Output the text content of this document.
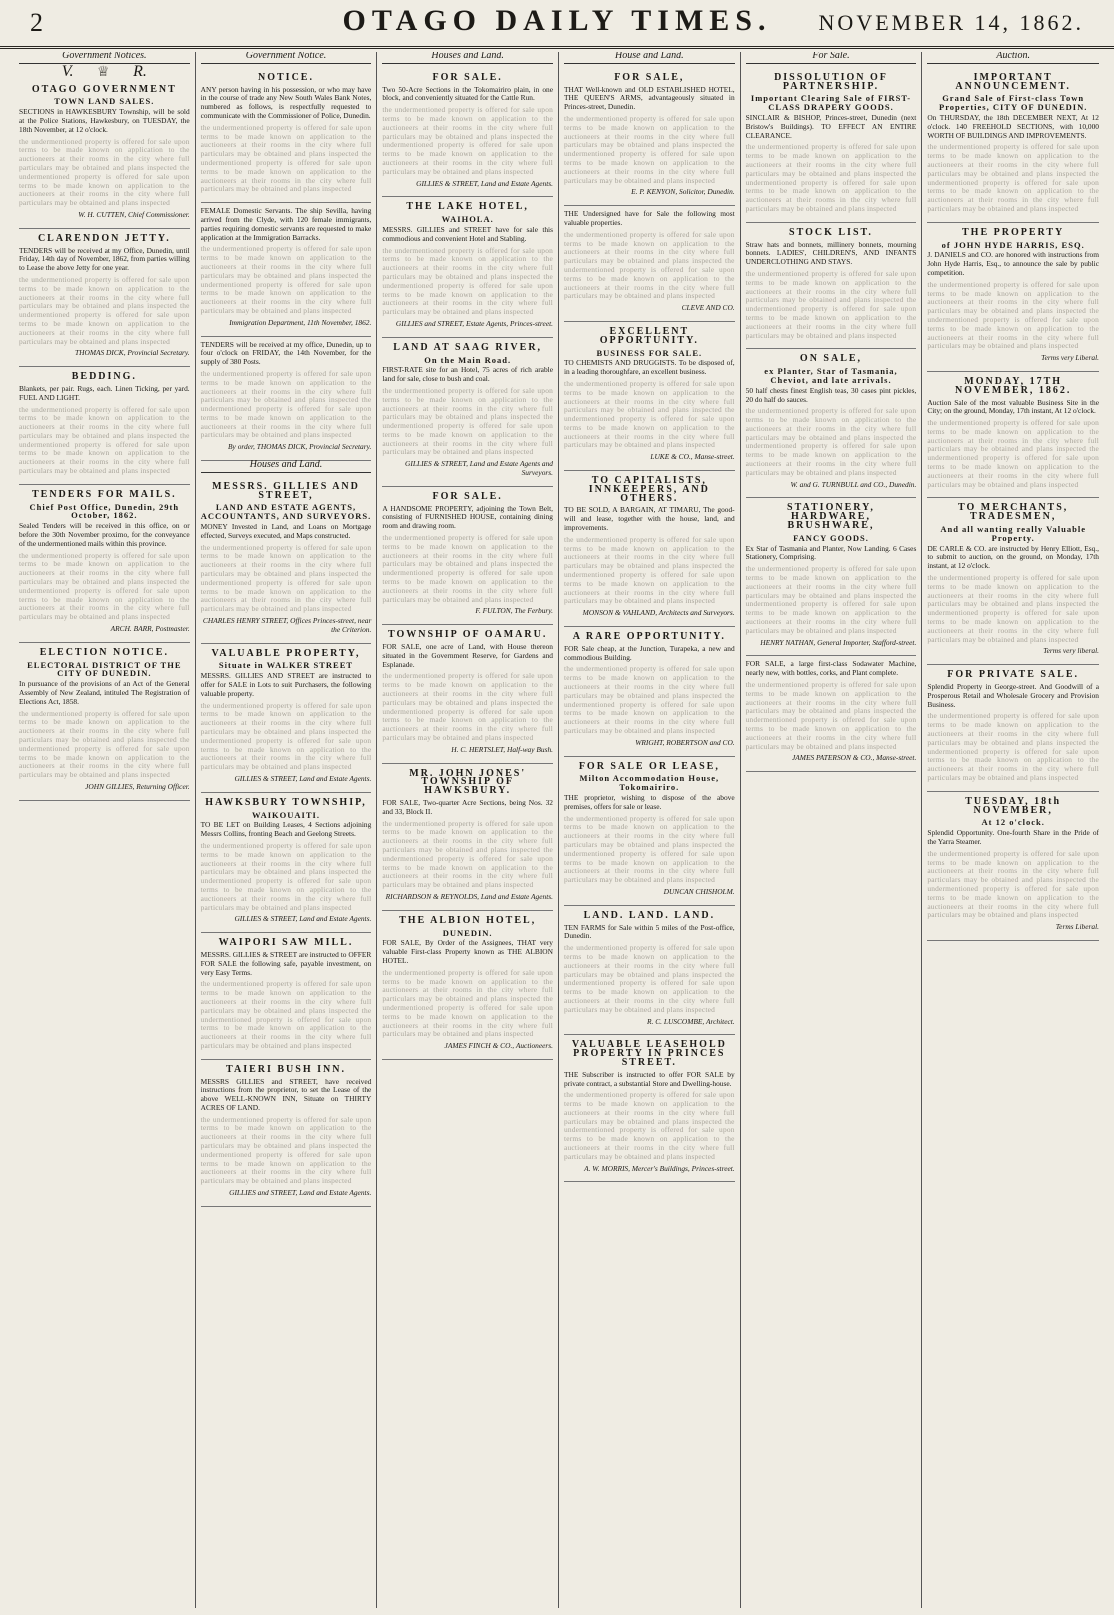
2	OTAGO DAILY TIMES.	NOVEMBER 14, 1862.
Government Notices.
V. ♕ R.
OTAGO GOVERNMENT
TOWN LAND SALES.

SECTIONS in HAWKESBURY Township, will be sold at the Police Stations, Hawkesbury, on TUESDAY, the 18th November, at 12 o'clock.

the undermentioned property is offered for sale upon terms to be made known on application to the auctioneers at their rooms in the city where full particulars may be obtained and plans inspected the undermentioned property is offered for sale upon terms to be made known on application to the auctioneers at their rooms in the city where full particulars may be obtained and plans inspected

W. H. CUTTEN, Chief Commissioner.

CLARENDON JETTY.

TENDERS will be received at my Office, Dunedin, until Friday, 14th day of November, 1862, from parties willing to Lease the above Jetty for one year.

the undermentioned property is offered for sale upon terms to be made known on application to the auctioneers at their rooms in the city where full particulars may be obtained and plans inspected the undermentioned property is offered for sale upon terms to be made known on application to the auctioneers at their rooms in the city where full particulars may be obtained and plans inspected

THOMAS DICK, Provincial Secretary.

BEDDING.

Blankets, per pair. Rugs, each. Linen Ticking, per yard. FUEL AND LIGHT.

the undermentioned property is offered for sale upon terms to be made known on application to the auctioneers at their rooms in the city where full particulars may be obtained and plans inspected the undermentioned property is offered for sale upon terms to be made known on application to the auctioneers at their rooms in the city where full particulars may be obtained and plans inspected

TENDERS FOR MAILS.
Chief Post Office, Dunedin, 29th October, 1862.

Sealed Tenders will be received in this office, on or before the 30th November proximo, for the conveyance of the undermentioned mails within this province.

the undermentioned property is offered for sale upon terms to be made known on application to the auctioneers at their rooms in the city where full particulars may be obtained and plans inspected the undermentioned property is offered for sale upon terms to be made known on application to the auctioneers at their rooms in the city where full particulars may be obtained and plans inspected

ARCH. BARR, Postmaster.

ELECTION NOTICE.
ELECTORAL DISTRICT OF THE CITY OF DUNEDIN.

In pursuance of the provisions of an Act of the General Assembly of New Zealand, intituled The Registration of Elections Act, 1858.

the undermentioned property is offered for sale upon terms to be made known on application to the auctioneers at their rooms in the city where full particulars may be obtained and plans inspected the undermentioned property is offered for sale upon terms to be made known on application to the auctioneers at their rooms in the city where full particulars may be obtained and plans inspected

JOHN GILLIES, Returning Officer.

Government Notice.
NOTICE.

ANY person having in his possession, or who may have in the course of trade any New South Wales Bank Notes, numbered as follows, is respectfully requested to communicate with the Commissioner of Police, Dunedin.

the undermentioned property is offered for sale upon terms to be made known on application to the auctioneers at their rooms in the city where full particulars may be obtained and plans inspected the undermentioned property is offered for sale upon terms to be made known on application to the auctioneers at their rooms in the city where full particulars may be obtained and plans inspected

FEMALE Domestic Servants. The ship Sevilla, having arrived from the Clyde, with 120 female immigrants, parties requiring domestic servants are requested to make application at the Immigration Barracks.

the undermentioned property is offered for sale upon terms to be made known on application to the auctioneers at their rooms in the city where full particulars may be obtained and plans inspected the undermentioned property is offered for sale upon terms to be made known on application to the auctioneers at their rooms in the city where full particulars may be obtained and plans inspected

Immigration Department, 11th November, 1862.

TENDERS will be received at my office, Dunedin, up to four o'clock on FRIDAY, the 14th November, for the supply of 380 Posts.

the undermentioned property is offered for sale upon terms to be made known on application to the auctioneers at their rooms in the city where full particulars may be obtained and plans inspected the undermentioned property is offered for sale upon terms to be made known on application to the auctioneers at their rooms in the city where full particulars may be obtained and plans inspected

By order, THOMAS DICK, Provincial Secretary.

Houses and Land.
MESSRS. GILLIES AND STREET,
LAND AND ESTATE AGENTS, ACCOUNTANTS, AND SURVEYORS.

MONEY Invested in Land, and Loans on Mortgage effected, Surveys executed, and Maps constructed.

the undermentioned property is offered for sale upon terms to be made known on application to the auctioneers at their rooms in the city where full particulars may be obtained and plans inspected the undermentioned property is offered for sale upon terms to be made known on application to the auctioneers at their rooms in the city where full particulars may be obtained and plans inspected

CHARLES HENRY STREET, Offices Princes-street, near the Criterion.

VALUABLE PROPERTY,
Situate in WALKER STREET

MESSRS. GILLIES AND STREET are instructed to offer for SALE in Lots to suit Purchasers, the following valuable property.

the undermentioned property is offered for sale upon terms to be made known on application to the auctioneers at their rooms in the city where full particulars may be obtained and plans inspected the undermentioned property is offered for sale upon terms to be made known on application to the auctioneers at their rooms in the city where full particulars may be obtained and plans inspected

GILLIES & STREET, Land and Estate Agents.

HAWKSBURY TOWNSHIP,
WAIKOUAITI.

TO BE LET on Building Leases, 4 Sections adjoining Messrs Collins, fronting Beach and Geelong Streets.

the undermentioned property is offered for sale upon terms to be made known on application to the auctioneers at their rooms in the city where full particulars may be obtained and plans inspected the undermentioned property is offered for sale upon terms to be made known on application to the auctioneers at their rooms in the city where full particulars may be obtained and plans inspected

GILLIES & STREET, Land and Estate Agents.

WAIPORI SAW MILL.

MESSRS. GILLIES & STREET are instructed to OFFER FOR SALE the following safe, payable investment, on very Easy Terms.

the undermentioned property is offered for sale upon terms to be made known on application to the auctioneers at their rooms in the city where full particulars may be obtained and plans inspected the undermentioned property is offered for sale upon terms to be made known on application to the auctioneers at their rooms in the city where full particulars may be obtained and plans inspected

TAIERI BUSH INN.

MESSRS GILLIES and STREET, have received instructions from the proprietor, to set the Lease of the above WELL-KNOWN INN, Situate on THIRTY ACRES OF LAND.

the undermentioned property is offered for sale upon terms to be made known on application to the auctioneers at their rooms in the city where full particulars may be obtained and plans inspected the undermentioned property is offered for sale upon terms to be made known on application to the auctioneers at their rooms in the city where full particulars may be obtained and plans inspected

GILLIES and STREET, Land and Estate Agents.

Houses and Land.
FOR SALE.

Two 50-Acre Sections in the Tokomairiro plain, in one block, and conveniently situated for the Cattle Run.

the undermentioned property is offered for sale upon terms to be made known on application to the auctioneers at their rooms in the city where full particulars may be obtained and plans inspected the undermentioned property is offered for sale upon terms to be made known on application to the auctioneers at their rooms in the city where full particulars may be obtained and plans inspected

GILLIES & STREET, Land and Estate Agents.

THE LAKE HOTEL,
WAIHOLA.

MESSRS. GILLIES and STREET have for sale this commodious and convenient Hotel and Stabling.

the undermentioned property is offered for sale upon terms to be made known on application to the auctioneers at their rooms in the city where full particulars may be obtained and plans inspected the undermentioned property is offered for sale upon terms to be made known on application to the auctioneers at their rooms in the city where full particulars may be obtained and plans inspected

GILLIES and STREET, Estate Agents, Princes-street.

LAND AT SAAG RIVER,
On the Main Road.

FIRST-RATE site for an Hotel, 75 acres of rich arable land for sale, close to bush and coal.

the undermentioned property is offered for sale upon terms to be made known on application to the auctioneers at their rooms in the city where full particulars may be obtained and plans inspected the undermentioned property is offered for sale upon terms to be made known on application to the auctioneers at their rooms in the city where full particulars may be obtained and plans inspected

GILLIES & STREET, Land and Estate Agents and Surveyors.

FOR SALE.

A HANDSOME PROPERTY, adjoining the Town Belt, consisting of FURNISHED HOUSE, containing dining room and drawing room.

the undermentioned property is offered for sale upon terms to be made known on application to the auctioneers at their rooms in the city where full particulars may be obtained and plans inspected the undermentioned property is offered for sale upon terms to be made known on application to the auctioneers at their rooms in the city where full particulars may be obtained and plans inspected

F. FULTON, The Ferbury.

TOWNSHIP OF OAMARU.

FOR SALE, one acre of Land, with House thereon situated in the Government Reserve, for Gardens and Esplanade.

the undermentioned property is offered for sale upon terms to be made known on application to the auctioneers at their rooms in the city where full particulars may be obtained and plans inspected the undermentioned property is offered for sale upon terms to be made known on application to the auctioneers at their rooms in the city where full particulars may be obtained and plans inspected

H. C. HERTSLET, Half-way Bush.

MR. JOHN JONES' TOWNSHIP OF HAWKSBURY.

FOR SALE, Two-quarter Acre Sections, being Nos. 32 and 33, Block II.

the undermentioned property is offered for sale upon terms to be made known on application to the auctioneers at their rooms in the city where full particulars may be obtained and plans inspected the undermentioned property is offered for sale upon terms to be made known on application to the auctioneers at their rooms in the city where full particulars may be obtained and plans inspected

RICHARDSON & REYNOLDS, Land and Estate Agents.

THE ALBION HOTEL,
DUNEDIN.

FOR SALE, By Order of the Assignees, THAT very valuable First-class Property known as THE ALBION HOTEL.

the undermentioned property is offered for sale upon terms to be made known on application to the auctioneers at their rooms in the city where full particulars may be obtained and plans inspected the undermentioned property is offered for sale upon terms to be made known on application to the auctioneers at their rooms in the city where full particulars may be obtained and plans inspected

JAMES FINCH & CO., Auctioneers.

House and Land.
FOR SALE,

THAT Well-known and OLD ESTABLISHED HOTEL, THE QUEEN'S ARMS, advantageously situated in Princes-street, Dunedin.

the undermentioned property is offered for sale upon terms to be made known on application to the auctioneers at their rooms in the city where full particulars may be obtained and plans inspected the undermentioned property is offered for sale upon terms to be made known on application to the auctioneers at their rooms in the city where full particulars may be obtained and plans inspected

E. P. KENYON, Solicitor, Dunedin.

THE Undersigned have for Sale the following most valuable properties.

the undermentioned property is offered for sale upon terms to be made known on application to the auctioneers at their rooms in the city where full particulars may be obtained and plans inspected the undermentioned property is offered for sale upon terms to be made known on application to the auctioneers at their rooms in the city where full particulars may be obtained and plans inspected

CLEVE AND CO.

EXCELLENT OPPORTUNITY.
BUSINESS FOR SALE.

TO CHEMISTS AND DRUGGISTS. To be disposed of, in a leading thoroughfare, an excellent business.

the undermentioned property is offered for sale upon terms to be made known on application to the auctioneers at their rooms in the city where full particulars may be obtained and plans inspected the undermentioned property is offered for sale upon terms to be made known on application to the auctioneers at their rooms in the city where full particulars may be obtained and plans inspected

LUKE & CO., Manse-street.

TO CAPITALISTS, INNKEEPERS, AND OTHERS.

TO BE SOLD, A BARGAIN, AT TIMARU, The good-will and lease, together with the house, land, and improvements.

the undermentioned property is offered for sale upon terms to be made known on application to the auctioneers at their rooms in the city where full particulars may be obtained and plans inspected the undermentioned property is offered for sale upon terms to be made known on application to the auctioneers at their rooms in the city where full particulars may be obtained and plans inspected

MONSON & VAHLAND, Architects and Surveyors.

A RARE OPPORTUNITY.

FOR Sale cheap, at the Junction, Turapeka, a new and commodious Building.

the undermentioned property is offered for sale upon terms to be made known on application to the auctioneers at their rooms in the city where full particulars may be obtained and plans inspected the undermentioned property is offered for sale upon terms to be made known on application to the auctioneers at their rooms in the city where full particulars may be obtained and plans inspected

WRIGHT, ROBERTSON and CO.

FOR SALE OR LEASE,
Milton Accommodation House, Tokomairiro.

THE proprietor, wishing to dispose of the above premises, offers for sale or lease.

the undermentioned property is offered for sale upon terms to be made known on application to the auctioneers at their rooms in the city where full particulars may be obtained and plans inspected the undermentioned property is offered for sale upon terms to be made known on application to the auctioneers at their rooms in the city where full particulars may be obtained and plans inspected

DUNCAN CHISHOLM.

LAND. LAND. LAND.

TEN FARMS for Sale within 5 miles of the Post-office, Dunedin.

the undermentioned property is offered for sale upon terms to be made known on application to the auctioneers at their rooms in the city where full particulars may be obtained and plans inspected the undermentioned property is offered for sale upon terms to be made known on application to the auctioneers at their rooms in the city where full particulars may be obtained and plans inspected

R. C. LUSCOMBE, Architect.

VALUABLE LEASEHOLD PROPERTY IN PRINCES STREET.

THE Subscriber is instructed to offer FOR SALE by private contract, a substantial Store and Dwelling-house.

the undermentioned property is offered for sale upon terms to be made known on application to the auctioneers at their rooms in the city where full particulars may be obtained and plans inspected the undermentioned property is offered for sale upon terms to be made known on application to the auctioneers at their rooms in the city where full particulars may be obtained and plans inspected

A. W. MORRIS, Mercer's Buildings, Princes-street.

For Sale.
DISSOLUTION OF PARTNERSHIP.
Important Clearing Sale of FIRST-CLASS DRAPERY GOODS.

SINCLAIR & BISHOP, Princes-street, Dunedin (next Bristow's Buildings). TO EFFECT AN ENTIRE CLEARANCE.

the undermentioned property is offered for sale upon terms to be made known on application to the auctioneers at their rooms in the city where full particulars may be obtained and plans inspected the undermentioned property is offered for sale upon terms to be made known on application to the auctioneers at their rooms in the city where full particulars may be obtained and plans inspected

STOCK LIST.

Straw hats and bonnets, millinery bonnets, mourning bonnets. LADIES', CHILDREN'S, AND INFANTS UNDERCLOTHING AND STAYS.

the undermentioned property is offered for sale upon terms to be made known on application to the auctioneers at their rooms in the city where full particulars may be obtained and plans inspected the undermentioned property is offered for sale upon terms to be made known on application to the auctioneers at their rooms in the city where full particulars may be obtained and plans inspected

ON SALE,
ex Planter, Star of Tasmania, Cheviot, and late arrivals.

50 half chests finest English teas, 30 cases pint pickles, 20 do half do sauces.

the undermentioned property is offered for sale upon terms to be made known on application to the auctioneers at their rooms in the city where full particulars may be obtained and plans inspected the undermentioned property is offered for sale upon terms to be made known on application to the auctioneers at their rooms in the city where full particulars may be obtained and plans inspected

W. and G. TURNBULL and CO., Dunedin.

STATIONERY, HARDWARE, BRUSHWARE,
FANCY GOODS.

Ex Star of Tasmania and Planter, Now Landing. 6 Cases Stationery, Comprising.

the undermentioned property is offered for sale upon terms to be made known on application to the auctioneers at their rooms in the city where full particulars may be obtained and plans inspected the undermentioned property is offered for sale upon terms to be made known on application to the auctioneers at their rooms in the city where full particulars may be obtained and plans inspected

HENRY NATHAN, General Importer, Stafford-street.

FOR SALE, a large first-class Sodawater Machine, nearly new, with bottles, corks, and Plant complete.

the undermentioned property is offered for sale upon terms to be made known on application to the auctioneers at their rooms in the city where full particulars may be obtained and plans inspected the undermentioned property is offered for sale upon terms to be made known on application to the auctioneers at their rooms in the city where full particulars may be obtained and plans inspected

JAMES PATERSON & CO., Manse-street.

Auction.
IMPORTANT ANNOUNCEMENT.
Grand Sale of First-class Town Properties, CITY OF DUNEDIN.

On THURSDAY, the 18th DECEMBER NEXT, At 12 o'clock. 140 FREEHOLD SECTIONS, with 10,000 WORTH OF BUILDINGS AND IMPROVEMENTS.

the undermentioned property is offered for sale upon terms to be made known on application to the auctioneers at their rooms in the city where full particulars may be obtained and plans inspected the undermentioned property is offered for sale upon terms to be made known on application to the auctioneers at their rooms in the city where full particulars may be obtained and plans inspected

THE PROPERTY
of JOHN HYDE HARRIS, ESQ.

J. DANIELS and CO. are honored with instructions from John Hyde Harris, Esq., to announce the sale by public competition.

the undermentioned property is offered for sale upon terms to be made known on application to the auctioneers at their rooms in the city where full particulars may be obtained and plans inspected the undermentioned property is offered for sale upon terms to be made known on application to the auctioneers at their rooms in the city where full particulars may be obtained and plans inspected

Terms very Liberal.

MONDAY, 17TH NOVEMBER, 1862.

Auction Sale of the most valuable Business Site in the City; on the ground, Monday, 17th instant, At 12 o'clock.

the undermentioned property is offered for sale upon terms to be made known on application to the auctioneers at their rooms in the city where full particulars may be obtained and plans inspected the undermentioned property is offered for sale upon terms to be made known on application to the auctioneers at their rooms in the city where full particulars may be obtained and plans inspected

TO MERCHANTS, TRADESMEN,
And all wanting really Valuable Property.

DE CARLE & CO. are instructed by Henry Elliott, Esq., to submit to auction, on the ground, on Monday, 17th instant, at 12 o'clock.

the undermentioned property is offered for sale upon terms to be made known on application to the auctioneers at their rooms in the city where full particulars may be obtained and plans inspected the undermentioned property is offered for sale upon terms to be made known on application to the auctioneers at their rooms in the city where full particulars may be obtained and plans inspected

Terms very liberal.

FOR PRIVATE SALE.

Splendid Property in George-street. And Goodwill of a Prosperous Retail and Wholesale Grocery and Provision Business.

the undermentioned property is offered for sale upon terms to be made known on application to the auctioneers at their rooms in the city where full particulars may be obtained and plans inspected the undermentioned property is offered for sale upon terms to be made known on application to the auctioneers at their rooms in the city where full particulars may be obtained and plans inspected

TUESDAY, 18th NOVEMBER,
At 12 o'clock.

Splendid Opportunity. One-fourth Share in the Pride of the Yarra Steamer.

the undermentioned property is offered for sale upon terms to be made known on application to the auctioneers at their rooms in the city where full particulars may be obtained and plans inspected the undermentioned property is offered for sale upon terms to be made known on application to the auctioneers at their rooms in the city where full particulars may be obtained and plans inspected

Terms Liberal.
